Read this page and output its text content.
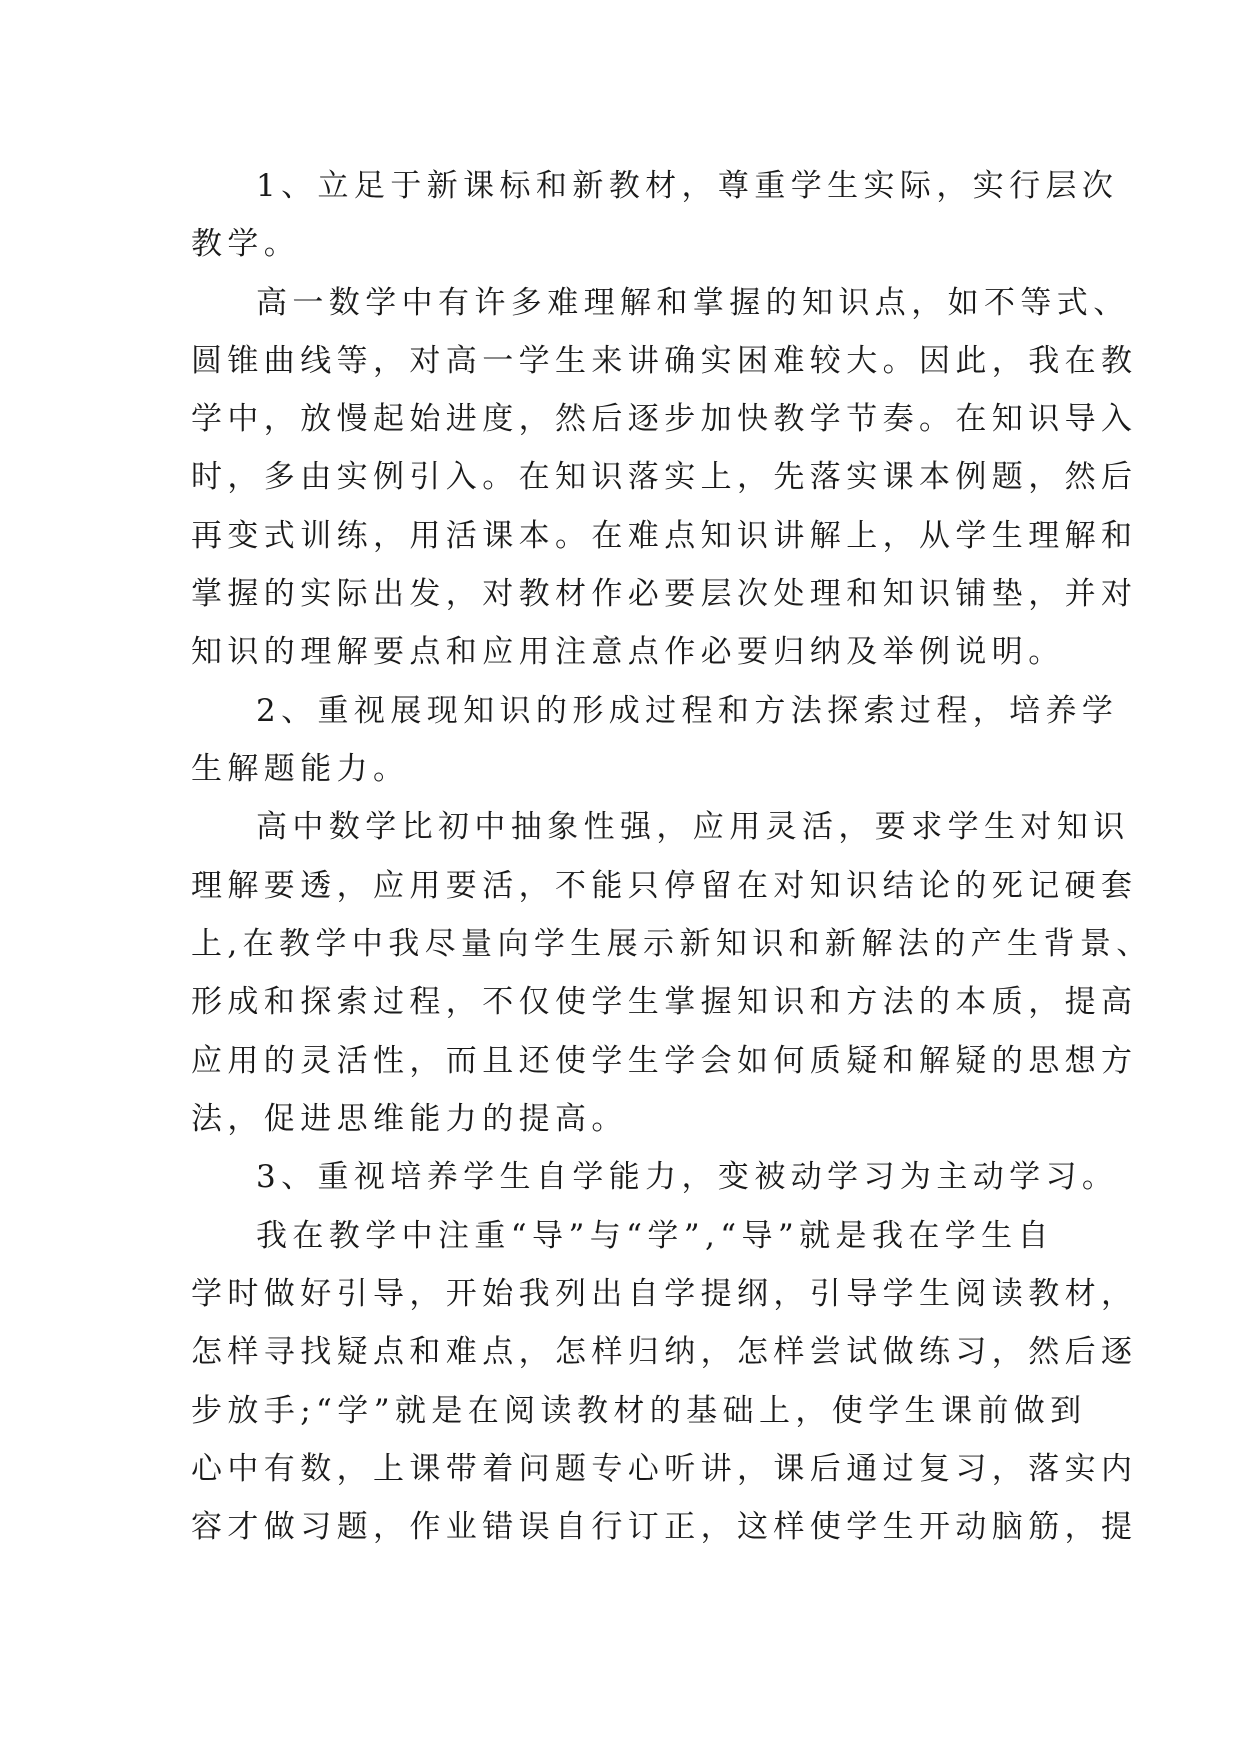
1、立足于新课标和新教材，尊重学生实际，实行层次
教学。
高一数学中有许多难理解和掌握的知识点，如不等式、
圆锥曲线等，对高一学生来讲确实困难较大。因此，我在教
学中，放慢起始进度，然后逐步加快教学节奏。在知识导入
时，多由实例引入。在知识落实上，先落实课本例题，然后
再变式训练，用活课本。在难点知识讲解上，从学生理解和
掌握的实际出发，对教材作必要层次处理和知识铺垫，并对
知识的理解要点和应用注意点作必要归纳及举例说明。
2、重视展现知识的形成过程和方法探索过程，培养学
生解题能力。
高中数学比初中抽象性强，应用灵活，要求学生对知识
理解要透，应用要活，不能只停留在对知识结论的死记硬套
上,在教学中我尽量向学生展示新知识和新解法的产生背景、
形成和探索过程，不仅使学生掌握知识和方法的本质，提高
应用的灵活性，而且还使学生学会如何质疑和解疑的思想方
法，促进思维能力的提高。
3、重视培养学生自学能力，变被动学习为主动学习。
我在教学中注重“导”与“学”,“导”就是我在学生自
学时做好引导，开始我列出自学提纲，引导学生阅读教材，
怎样寻找疑点和难点，怎样归纳，怎样尝试做练习，然后逐
步放手;“学”就是在阅读教材的基础上，使学生课前做到
心中有数，上课带着问题专心听讲，课后通过复习，落实内
容才做习题，作业错误自行订正，这样使学生开动脑筋，提
